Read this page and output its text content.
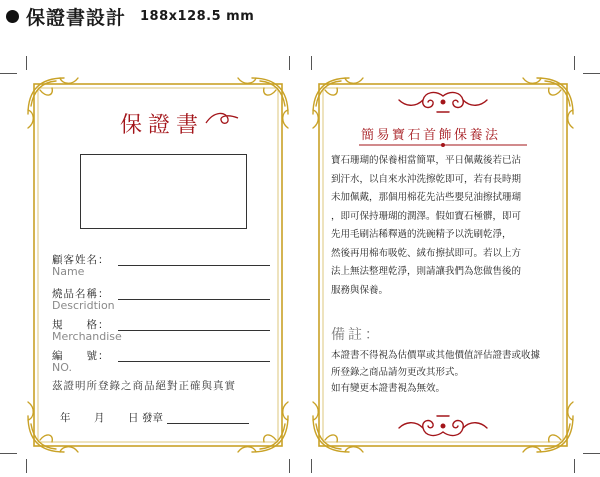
保證書設計 188x128.5 mm
保證書
顧客姓名：
Name
燒品名稱：
Descridtion
規　　格：
Merchandise
編　　號：
NO.
茲證明所登錄之商品絕對正確與真實
年 月 日 發章
簡易寶石首飾保養法
寶石珊瑚的保養相當簡單，平日佩戴後若已沾
到汗水，以自來水沖洗擦乾即可，若有長時期
未加佩戴，那個用棉花先沾些嬰兒油擦拭珊瑚
，即可保持珊瑚的潤澤。假如寶石極髒，即可
先用毛刷沾稀釋過的洗碗精予以洗刷乾淨，
然後再用棉布吸乾、絨布擦拭即可。若以上方
法上無法整理乾淨，則請讓我們為您做售後的
服務與保養。
備註：
本證書不得視為估價單或其他價值評估證書或收據
所登錄之商品請勿更改其形式。
如有變更本證書視為無效。
